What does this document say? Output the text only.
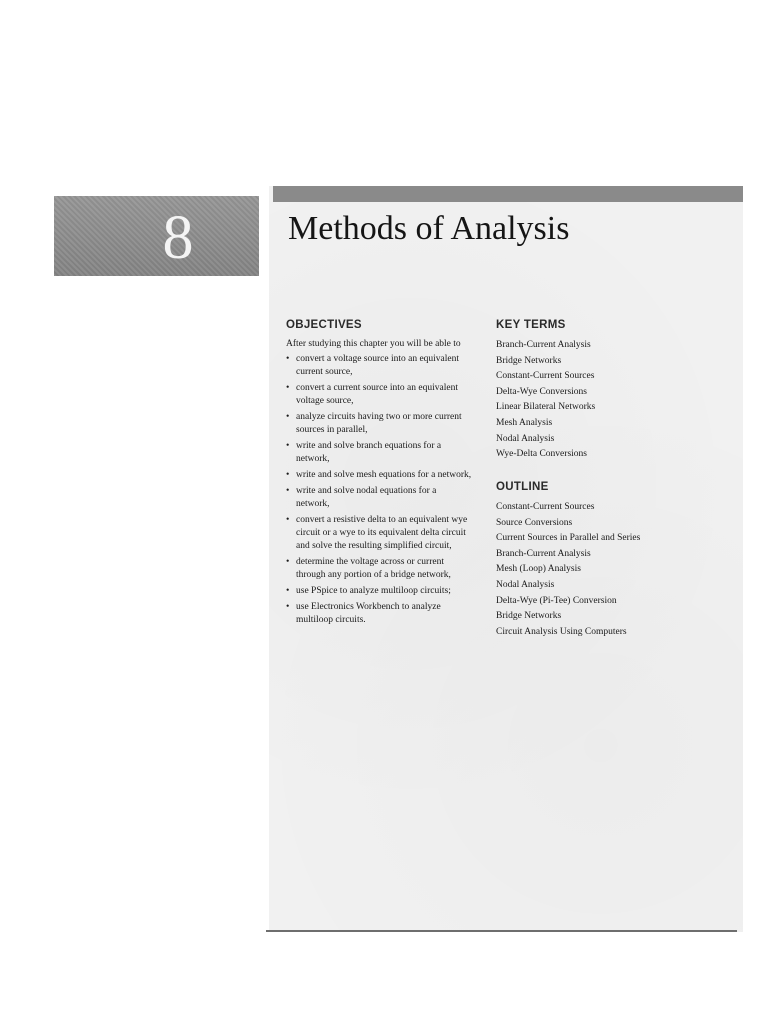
8	Methods of Analysis
OBJECTIVES

After studying this chapter you will be able to

• convert a voltage source into an equivalent current source,
• convert a current source into an equivalent voltage source,
• analyze circuits having two or more current sources in parallel,
• write and solve branch equations for a network,
• write and solve mesh equations for a network,
• write and solve nodal equations for a network,
• convert a resistive delta to an equivalent wye circuit or a wye to its equivalent delta circuit and solve the resulting simplified circuit,
• determine the voltage across or current through any portion of a bridge network,
• use PSpice to analyze multiloop circuits;
• use Electronics Workbench to analyze multiloop circuits.
KEY TERMS
Branch-Current Analysis
Bridge Networks
Constant-Current Sources
Delta-Wye Conversions
Linear Bilateral Networks
Mesh Analysis
Nodal Analysis
Wye-Delta Conversions
OUTLINE
Constant-Current Sources
Source Conversions
Current Sources in Parallel and Series
Branch-Current Analysis
Mesh (Loop) Analysis
Nodal Analysis
Delta-Wye (Pi-Tee) Conversion
Bridge Networks
Circuit Analysis Using Computers
